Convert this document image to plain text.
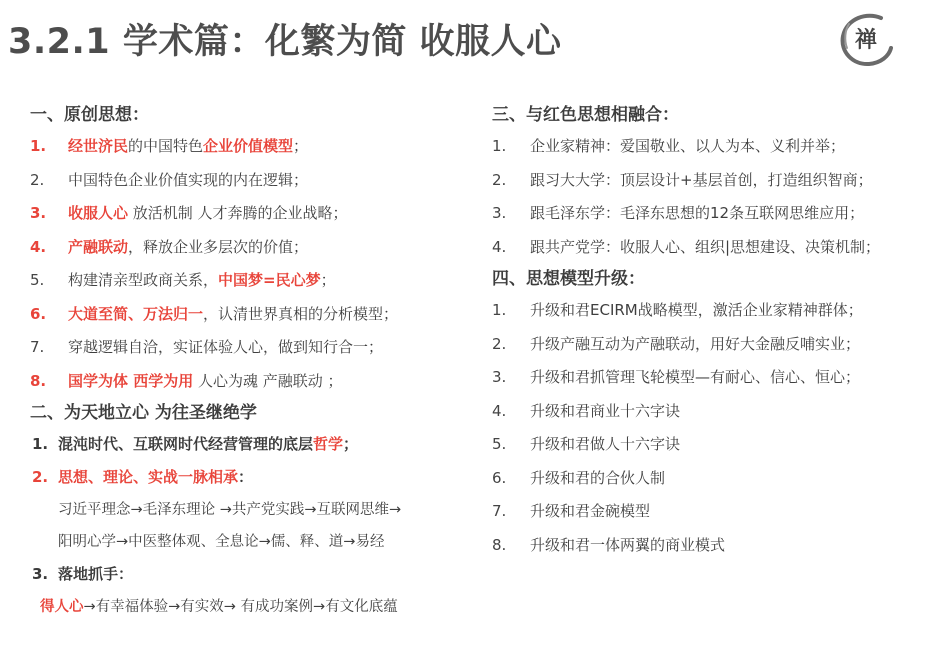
3.2.1 学术篇：化繁为简 收服人心	禅
一、原创思想：
1. 经世济民的中国特色企业价值模型；
2. 中国特色企业价值实现的内在逻辑；
3. 收服人心 放活机制 人才奔腾的企业战略；
4. 产融联动，释放企业多层次的价值；
5. 构建清亲型政商关系，中国梦=民心梦；
6. 大道至简、万法归一，认清世界真相的分析模型；
7. 穿越逻辑自洽，实证体验人心，做到知行合一；
8. 国学为体 西学为用 人心为魂 产融联动 ；
二、为天地立心 为往圣继绝学
1. 混沌时代、互联网时代经营管理的底层哲学；
2. 思想、理论、实战一脉相承：
习近平理念→毛泽东理论 →共产党实践→互联网思维→
阳明心学→中医整体观、全息论→儒、释、道→易经
3. 落地抓手：
得人心→有幸福体验→有实效→ 有成功案例→有文化底蕴
三、与红色思想相融合：
1. 企业家精神：爱国敬业、以人为本、义利并举；
2. 跟习大大学：顶层设计+基层首创，打造组织智商；
3. 跟毛泽东学：毛泽东思想的12条互联网思维应用；
4. 跟共产党学：收服人心、组织|思想建设、决策机制；
四、思想模型升级：
1. 升级和君ECIRM战略模型，激活企业家精神群体；
2. 升级产融互动为产融联动，用好大金融反哺实业；
3. 升级和君抓管理飞轮模型—有耐心、信心、恒心；
4. 升级和君商业十六字诀
5. 升级和君做人十六字诀
6. 升级和君的合伙人制
7. 升级和君金碗模型
8. 升级和君一体两翼的商业模式
